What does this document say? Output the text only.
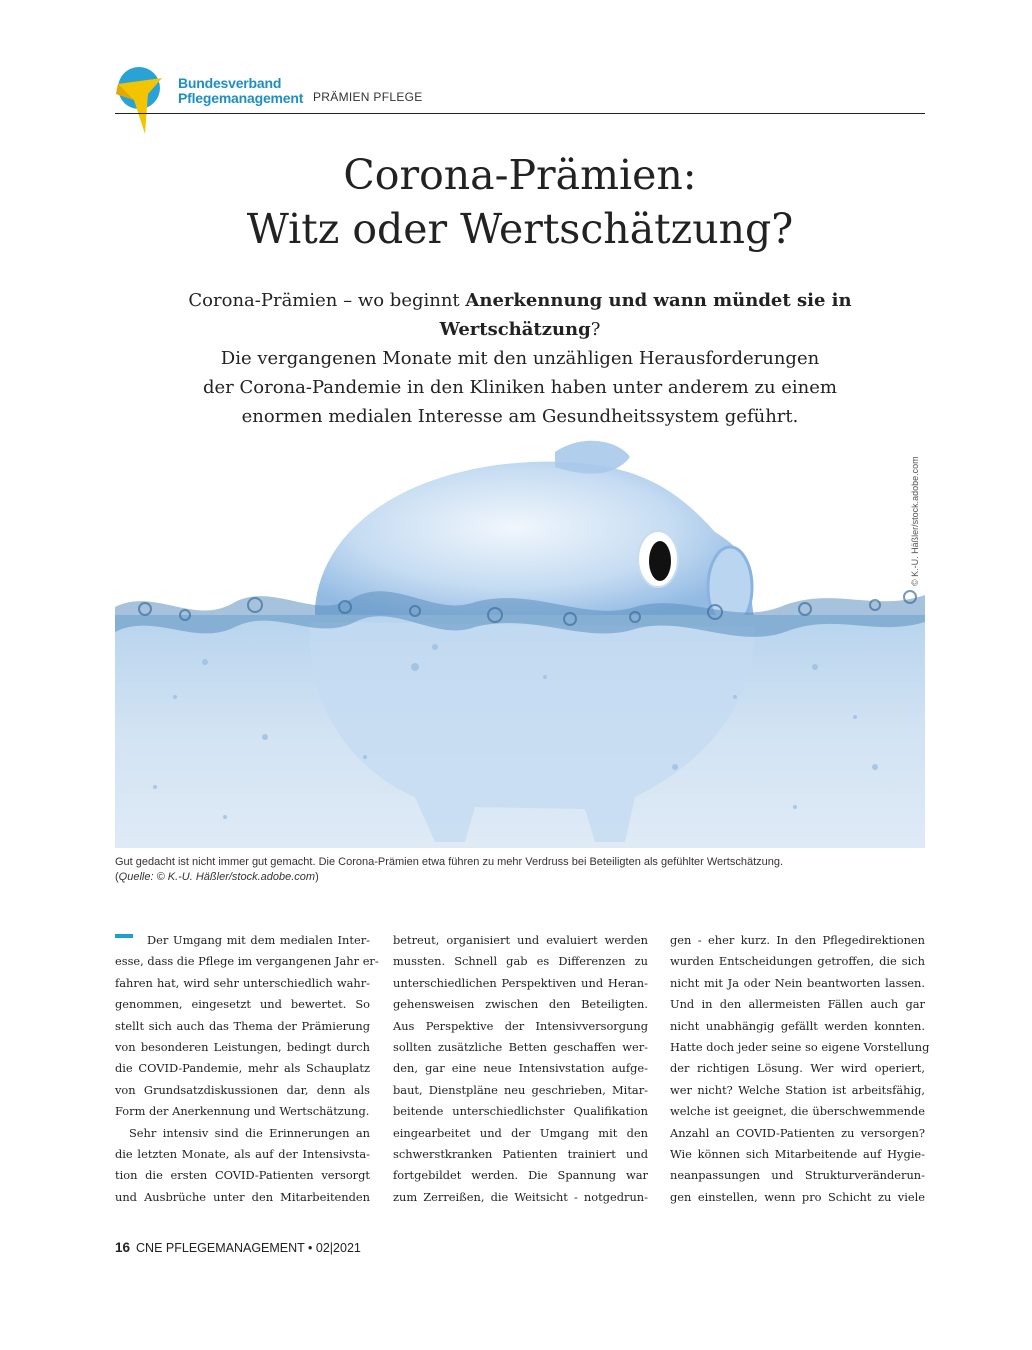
Bundesverband
Pflegemanagement PRÄMIEN PFLEGE
Corona-Prämien:
Witz oder Wertschätzung?
Corona-Prämien – wo beginnt Anerkennung und wann mündet sie in Wertschätzung?
Die vergangenen Monate mit den unzähligen Herausforderungen
der Corona-Pandemie in den Kliniken haben unter anderem zu einem
enormen medialen Interesse am Gesundheitssystem geführt.
© K.-U. Häßler/stock.adobe.com
Gut gedacht ist nicht immer gut gemacht. Die Corona-Prämien etwa führen zu mehr Verdruss bei Beteiligten als gefühlter Wertschätzung.
(Quelle: © K.-U. Häßler/stock.adobe.com)
Der Umgang mit dem medialen Inter-
esse, dass die Pflege im vergangenen Jahr er-
fahren hat, wird sehr unterschiedlich wahr-
genommen, eingesetzt und bewertet. So
stellt sich auch das Thema der Prämierung
von besonderen Leistungen, bedingt durch
die COVID-Pandemie, mehr als Schauplatz
von Grundsatzdiskussionen dar, denn als
Form der Anerkennung und Wertschätzung.
Sehr intensiv sind die Erinnerungen an
die letzten Monate, als auf der Intensivsta-
tion die ersten COVID-Patienten versorgt
und Ausbrüche unter den Mitarbeitenden
betreut, organisiert und evaluiert werden
mussten. Schnell gab es Differenzen zu
unterschiedlichen Perspektiven und Heran-
gehensweisen zwischen den Beteiligten.
Aus Perspektive der Intensivversorgung
sollten zusätzliche Betten geschaffen wer-
den, gar eine neue Intensivstation aufge-
baut, Dienstpläne neu geschrieben, Mitar-
beitende unterschiedlichster Qualifikation
eingearbeitet und der Umgang mit den
schwerstkranken Patienten trainiert und
fortgebildet werden. Die Spannung war
zum Zerreißen, die Weitsicht - notgedrun-
gen - eher kurz. In den Pflegedirektionen
wurden Entscheidungen getroffen, die sich
nicht mit Ja oder Nein beantworten lassen.
Und in den allermeisten Fällen auch gar
nicht unabhängig gefällt werden konnten.
Hatte doch jeder seine so eigene Vorstellung
der richtigen Lösung. Wer wird operiert,
wer nicht? Welche Station ist arbeitsfähig,
welche ist geeignet, die überschwemmende
Anzahl an COVID-Patienten zu versorgen?
Wie können sich Mitarbeitende auf Hygie-
neanpassungen und Strukturveränderun-
gen einstellen, wenn pro Schicht zu viele
16 CNE PFLEGEMANAGEMENT • 02|2021
